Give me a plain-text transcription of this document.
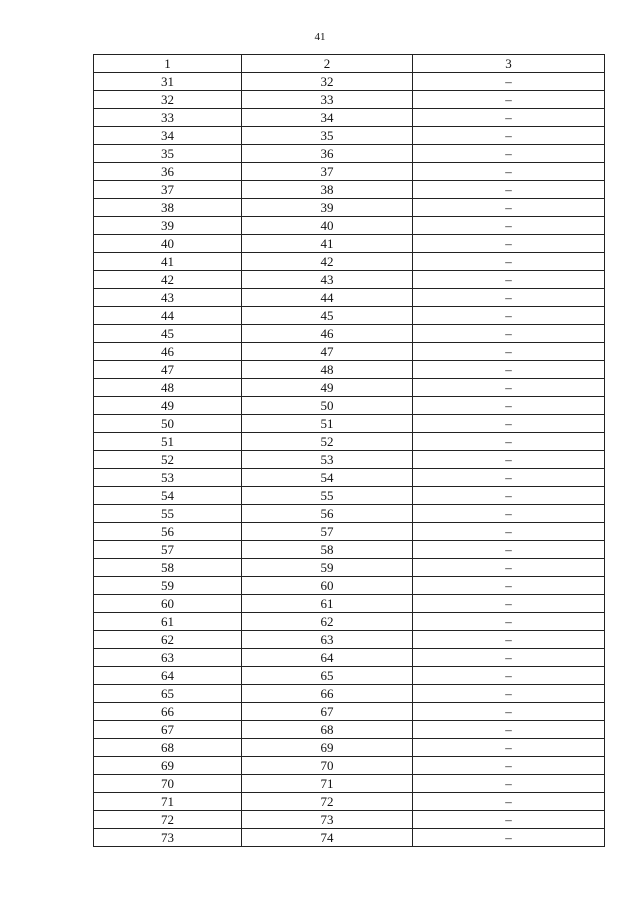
41
1	2	3
31	32	–
32	33	–
33	34	–
34	35	–
35	36	–
36	37	–
37	38	–
38	39	–
39	40	–
40	41	–
41	42	–
42	43	–
43	44	–
44	45	–
45	46	–
46	47	–
47	48	–
48	49	–
49	50	–
50	51	–
51	52	–
52	53	–
53	54	–
54	55	–
55	56	–
56	57	–
57	58	–
58	59	–
59	60	–
60	61	–
61	62	–
62	63	–
63	64	–
64	65	–
65	66	–
66	67	–
67	68	–
68	69	–
69	70	–
70	71	–
71	72	–
72	73	–
73	74	–
